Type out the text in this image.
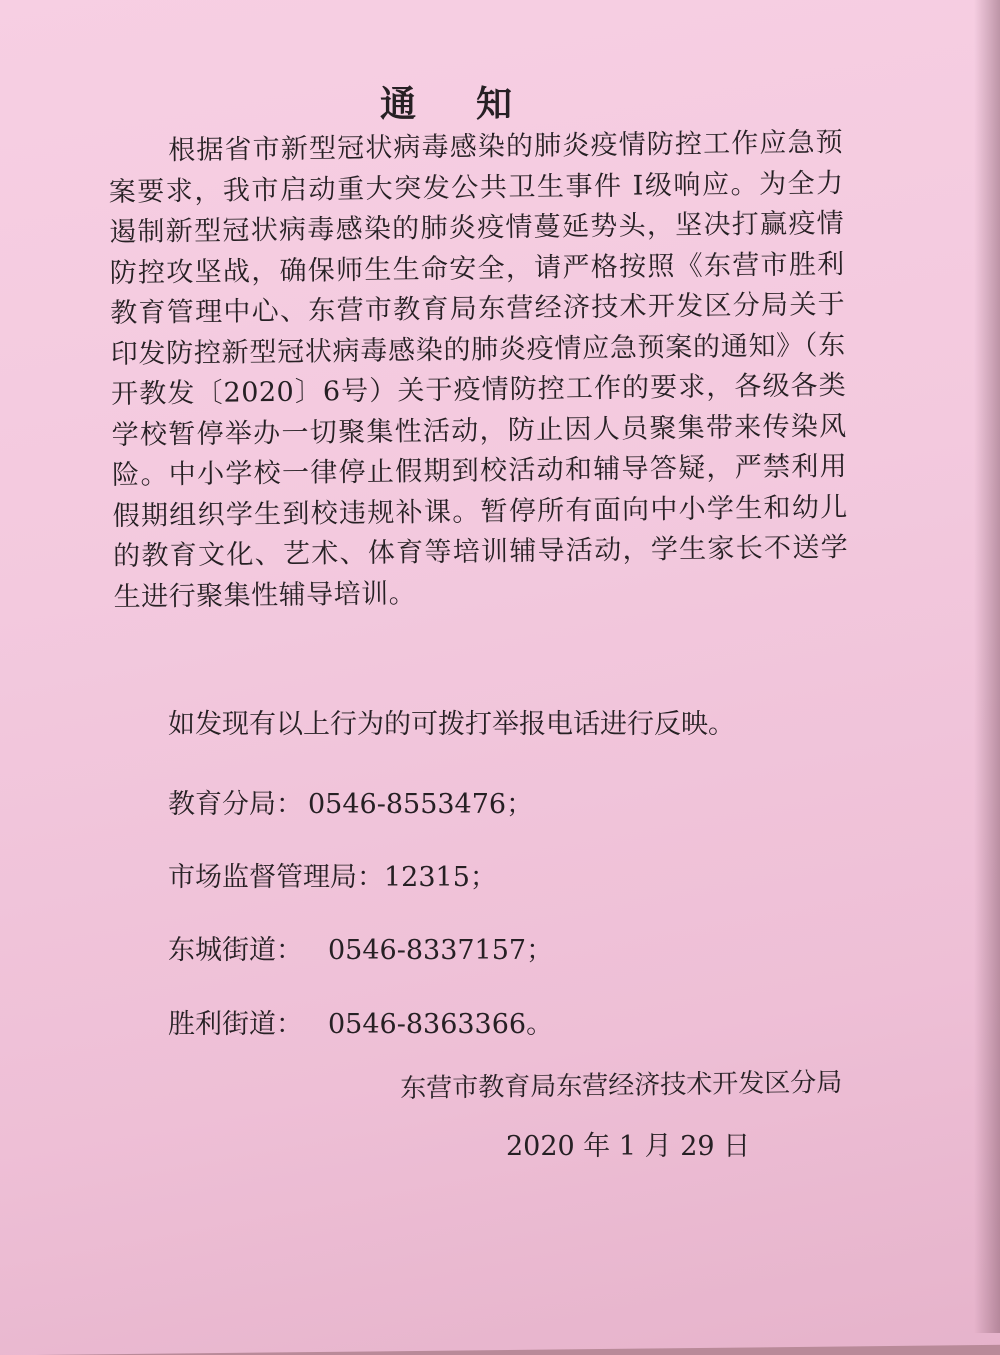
通知

根据省市新型冠状病毒感染的肺炎疫情防控工作应急预案要求，我市启动重大突发公共卫生事件 I级响应。为全力遏制新型冠状病毒感染的肺炎疫情蔓延势头，坚决打赢疫情防控攻坚战，确保师生生命安全，请严格按照《东营市胜利教育管理中心、东营市教育局东营经济技术开发区分局关于印发防控新型冠状病毒感染的肺炎疫情应急预案的通知》（东开教发〔2020〕6号）关于疫情防控工作的要求，各级各类学校暂停举办一切聚集性活动，防止因人员聚集带来传染风险。中小学校一律停止假期到校活动和辅导答疑，严禁利用假期组织学生到校违规补课。暂停所有面向中小学生和幼儿的教育文化、艺术、体育等培训辅导活动，学生家长不送学生进行聚集性辅导培训。

如发现有以上行为的可拨打举报电话进行反映。

教育分局： 0546-8553476；

市场监督管理局：12315；

东城街道： 0546-8337157；

胜利街道： 0546-8363366。

东营市教育局东营经济技术开发区分局

2020 年 1 月 29 日
